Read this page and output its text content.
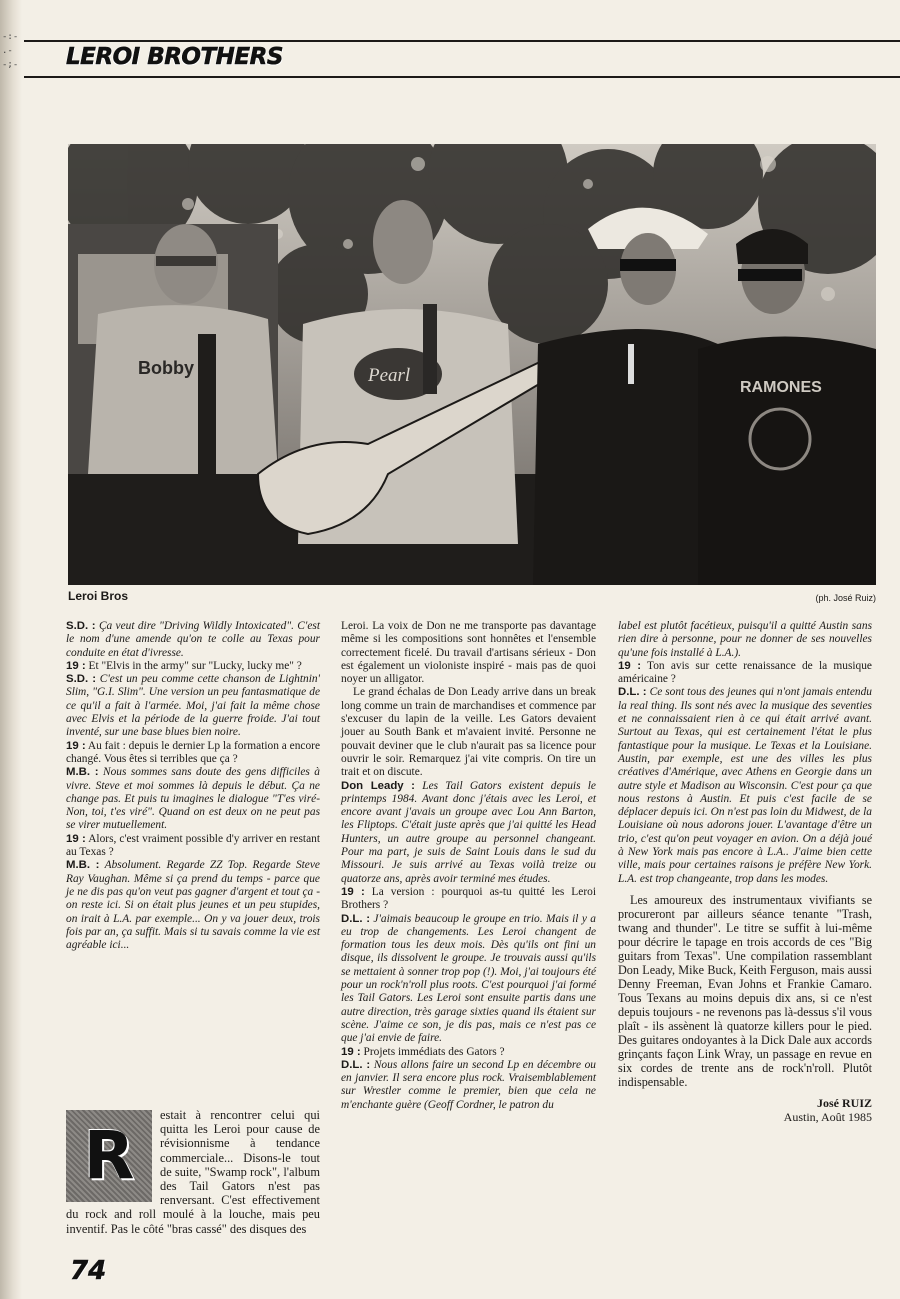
-:-
.-
-;- LEROI BROTHERS
Bobby	Pearl
RAMONES
Leroi Bros	(ph. José Ruiz)

S.D. : Ça veut dire "Driving Wildly Intoxicated". C'est le nom d'une amende qu'on te colle au Texas pour conduite en état d'ivresse.

19 : Et "Elvis in the army" sur "Lucky, lucky me" ?

S.D. : C'est un peu comme cette chanson de Lightnin' Slim, "G.I. Slim". Une version un peu fantasmatique de ce qu'il a fait à l'armée. Moi, j'ai fait la même chose avec Elvis et la période de la guerre froide. J'ai tout inventé, sur une base blues bien noire.

19 : Au fait : depuis le dernier Lp la formation a encore changé. Vous êtes si terribles que ça ?

M.B. : Nous sommes sans doute des gens difficiles à vivre. Steve et moi sommes là depuis le début. Ça ne change pas. Et puis tu imagines le dialogue "T'es viré-Non, toi, t'es viré". Quand on est deux on ne peut pas se virer mutuellement.

19 : Alors, c'est vraiment possible d'y arriver en restant au Texas ?

M.B. : Absolument. Regarde ZZ Top. Regarde Steve Ray Vaughan. Même si ça prend du temps - parce que je ne dis pas qu'on veut pas gagner d'argent et tout ça - on reste ici. Si on était plus jeunes et un peu stupides, on irait à L.A. par exemple... On y va jouer deux, trois fois par an, ça suffit. Mais si tu savais comme la vie est agréable ici...

R
estait à rencontrer celui qui quitta les Leroi pour cause de révisionnisme à tendance commerciale... Disons-le tout de suite, "Swamp rock", l'album des Tail Gators n'est pas renversant. C'est effectivement du rock and roll moulé à la louche, mais peu inventif. Pas le côté "bras cassé" des disques des

Leroi. La voix de Don ne me transporte pas davantage même si les compositions sont honnêtes et l'ensemble correctement ficelé. Du travail d'artisans sérieux - Don est également un violoniste inspiré - mais pas de quoi noyer un alligator.

Le grand échalas de Don Leady arrive dans un break long comme un train de marchandises et commence par s'excuser du lapin de la veille. Les Gators devaient jouer au South Bank et m'avaient invité. Personne ne pouvait deviner que le club n'aurait pas sa licence pour ouvrir le soir. Remarquez j'ai vite compris. On tire un trait et on discute.

Don Leady : Les Tail Gators existent depuis le printemps 1984. Avant donc j'étais avec les Leroi, et encore avant j'avais un groupe avec Lou Ann Barton, les Fliptops. C'était juste après que j'ai quitté les Head Hunters, un autre groupe au personnel changeant. Pour ma part, je suis de Saint Louis dans le sud du Missouri. Je suis arrivé au Texas voilà treize ou quatorze ans, après avoir terminé mes études.

19 : La version : pourquoi as-tu quitté les Leroi Brothers ?

D.L. : J'aimais beaucoup le groupe en trio. Mais il y a eu trop de changements. Les Leroi changent de formation tous les deux mois. Dès qu'ils ont fini un disque, ils dissolvent le groupe. Je trouvais aussi qu'ils se mettaient à sonner trop pop (!). Moi, j'ai toujours été pour un rock'n'roll plus roots. C'est pourquoi j'ai formé les Tail Gators. Les Leroi sont ensuite partis dans une autre direction, très garage sixties quand ils étaient sur scène. J'aime ce son, je dis pas, mais ce n'est pas ce que j'ai envie de faire.

19 : Projets immédiats des Gators ?

D.L. : Nous allons faire un second Lp en décembre ou en janvier. Il sera encore plus rock. Vraisemblablement sur Wrestler comme le premier, bien que cela ne m'enchante guère (Geoff Cordner, le patron du

label est plutôt facétieux, puisqu'il a quitté Austin sans rien dire à personne, pour ne donner de ses nouvelles qu'une fois installé à L.A.).

19 : Ton avis sur cette renaissance de la musique américaine ?

D.L. : Ce sont tous des jeunes qui n'ont jamais entendu la real thing. Ils sont nés avec la musique des seventies et ne connaissaient rien à ce qui était arrivé avant. Surtout au Texas, qui est certainement l'état le plus fantastique pour la musique. Le Texas et la Louisiane. Austin, par exemple, est une des villes les plus créatives d'Amérique, avec Athens en Georgie dans un autre style et Madison au Wisconsin. C'est pour ça que nous restons à Austin. Et puis c'est facile de se déplacer depuis ici. On n'est pas loin du Midwest, de la Louisiane où nous adorons jouer. L'avantage d'être un trio, c'est qu'on peut voyager en avion. On a déjà joué à New York mais pas encore à L.A.. J'aime bien cette ville, mais pour certaines raisons je préfère New York. L.A. est trop changeante, trop dans les modes.

Les amoureux des instrumentaux vivifiants se procureront par ailleurs séance tenante "Trash, twang and thunder". Le titre se suffit à lui-même pour décrire le tapage en trois accords de ces "Big guitars from Texas". Une compilation rassemblant Don Leady, Mike Buck, Keith Ferguson, mais aussi Denny Freeman, Evan Johns et Frankie Camaro. Tous Texans au moins depuis dix ans, si ce n'est depuis toujours - ne revenons pas là-dessus s'il vous plaît - ils assènent là quatorze killers pour le pied. Des guitares ondoyantes à la Dick Dale aux accords grinçants façon Link Wray, un passage en revue en six cordes de trente ans de rock'n'roll. Plutôt indispensable.

José RUIZ
Austin, Août 1985
74
